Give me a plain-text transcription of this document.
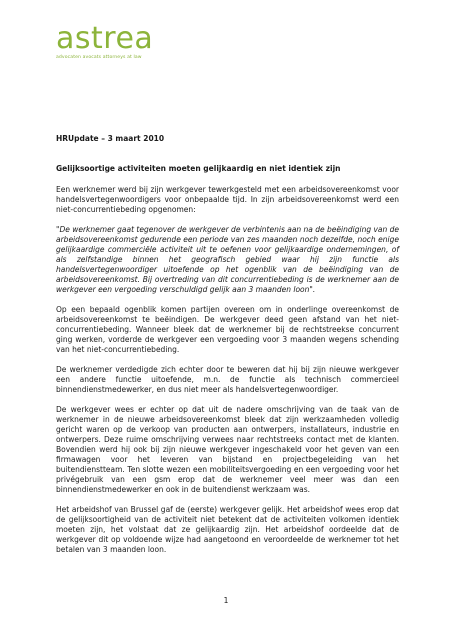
astrea
advocaten avocats attorneys at law

HRUpdate – 3 maart 2010

Gelijksoortige activiteiten moeten gelijkaardig en niet identiek zijn

Een werknemer werd bij zijn werkgever tewerkgesteld met een arbeidsovereenkomst voor handelsvertegenwoordigers voor onbepaalde tijd. In zijn arbeidsovereenkomst werd een niet-concurrentiebeding opgenomen:

"De werknemer gaat tegenover de werkgever de verbintenis aan na de beëindiging van de arbeidsovereenkomst gedurende een periode van zes maanden noch dezelfde, noch enige gelijkaardige commerciële activiteit uit te oefenen voor gelijkaardige ondernemingen, of als zelfstandige binnen het geografisch gebied waar hij zijn functie als handelsvertegenwoordiger uitoefende op het ogenblik van de beëindiging van de arbeidsovereenkomst. Bij overtreding van dit concurrentiebeding is de werknemer aan de werkgever een vergoeding verschuldigd gelijk aan 3 maanden loon".

Op een bepaald ogenblik komen partijen overeen om in onderlinge overeenkomst de arbeidsovereenkomst te beëindigen. De werkgever deed geen afstand van het niet-concurrentiebeding. Wanneer bleek dat de werknemer bij de rechtstreekse concurrent ging werken, vorderde de werkgever een vergoeding voor 3 maanden wegens schending van het niet-concurrentiebeding.

De werknemer verdedigde zich echter door te beweren dat hij bij zijn nieuwe werkgever een andere functie uitoefende, m.n. de functie als technisch commercieel binnendienstmedewerker, en dus niet meer als handelsvertegenwoordiger.

De werkgever wees er echter op dat uit de nadere omschrijving van de taak van de werknemer in de nieuwe arbeidsovereenkomst bleek dat zijn werkzaamheden volledig gericht waren op de verkoop van producten aan ontwerpers, installateurs, industrie en ontwerpers. Deze ruime omschrijving verwees naar rechtstreeks contact met de klanten. Bovendien werd hij ook bij zijn nieuwe werkgever ingeschakeld voor het geven van een firmawagen voor het leveren van bijstand en projectbegeleiding van het buitendienstteam. Ten slotte wezen een mobiliteitsvergoeding en een vergoeding voor het privégebruik van een gsm erop dat de werknemer veel meer was dan een binnendienstmedewerker en ook in de buitendienst werkzaam was.

Het arbeidshof van Brussel gaf de (eerste) werkgever gelijk. Het arbeidshof wees erop dat de gelijksoortigheid van de activiteit niet betekent dat de activiteiten volkomen identiek moeten zijn, het volstaat dat ze gelijkaardig zijn. Het arbeidshof oordeelde dat de werkgever dit op voldoende wijze had aangetoond en veroordeelde de werknemer tot het betalen van 3 maanden loon.

1
